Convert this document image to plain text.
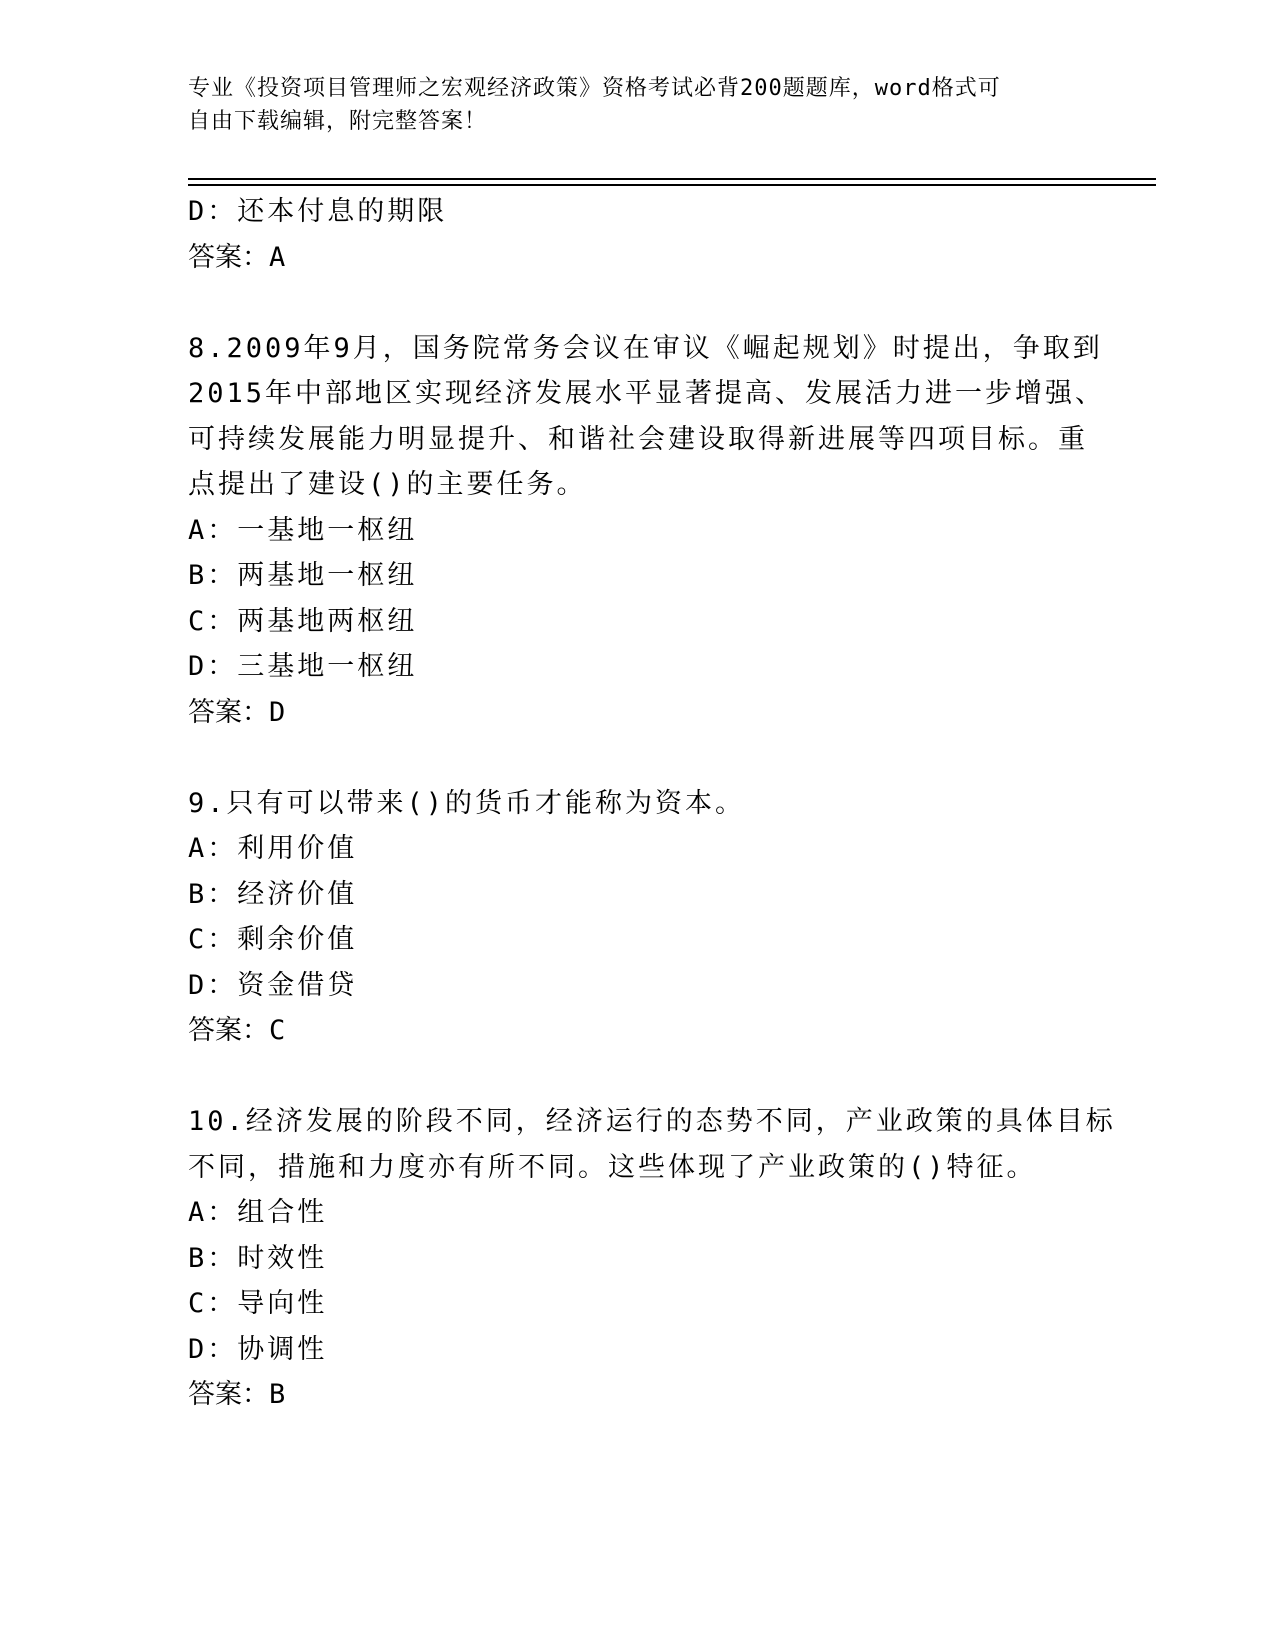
专业《投资项目管理师之宏观经济政策》资格考试必背200题题库，word格式可
自由下载编辑，附完整答案！
D：还本付息的期限
答案：A
8.2009年9月，国务院常务会议在审议《崛起规划》时提出，争取到
2015年中部地区实现经济发展水平显著提高、发展活力进一步增强、
可持续发展能力明显提升、和谐社会建设取得新进展等四项目标。重
点提出了建设()的主要任务。
A：一基地一枢纽
B：两基地一枢纽
C：两基地两枢纽
D：三基地一枢纽
答案：D
9.只有可以带来()的货币才能称为资本。
A：利用价值
B：经济价值
C：剩余价值
D：资金借贷
答案：C
10.经济发展的阶段不同，经济运行的态势不同，产业政策的具体目标
不同，措施和力度亦有所不同。这些体现了产业政策的()特征。
A：组合性
B：时效性
C：导向性
D：协调性
答案：B
